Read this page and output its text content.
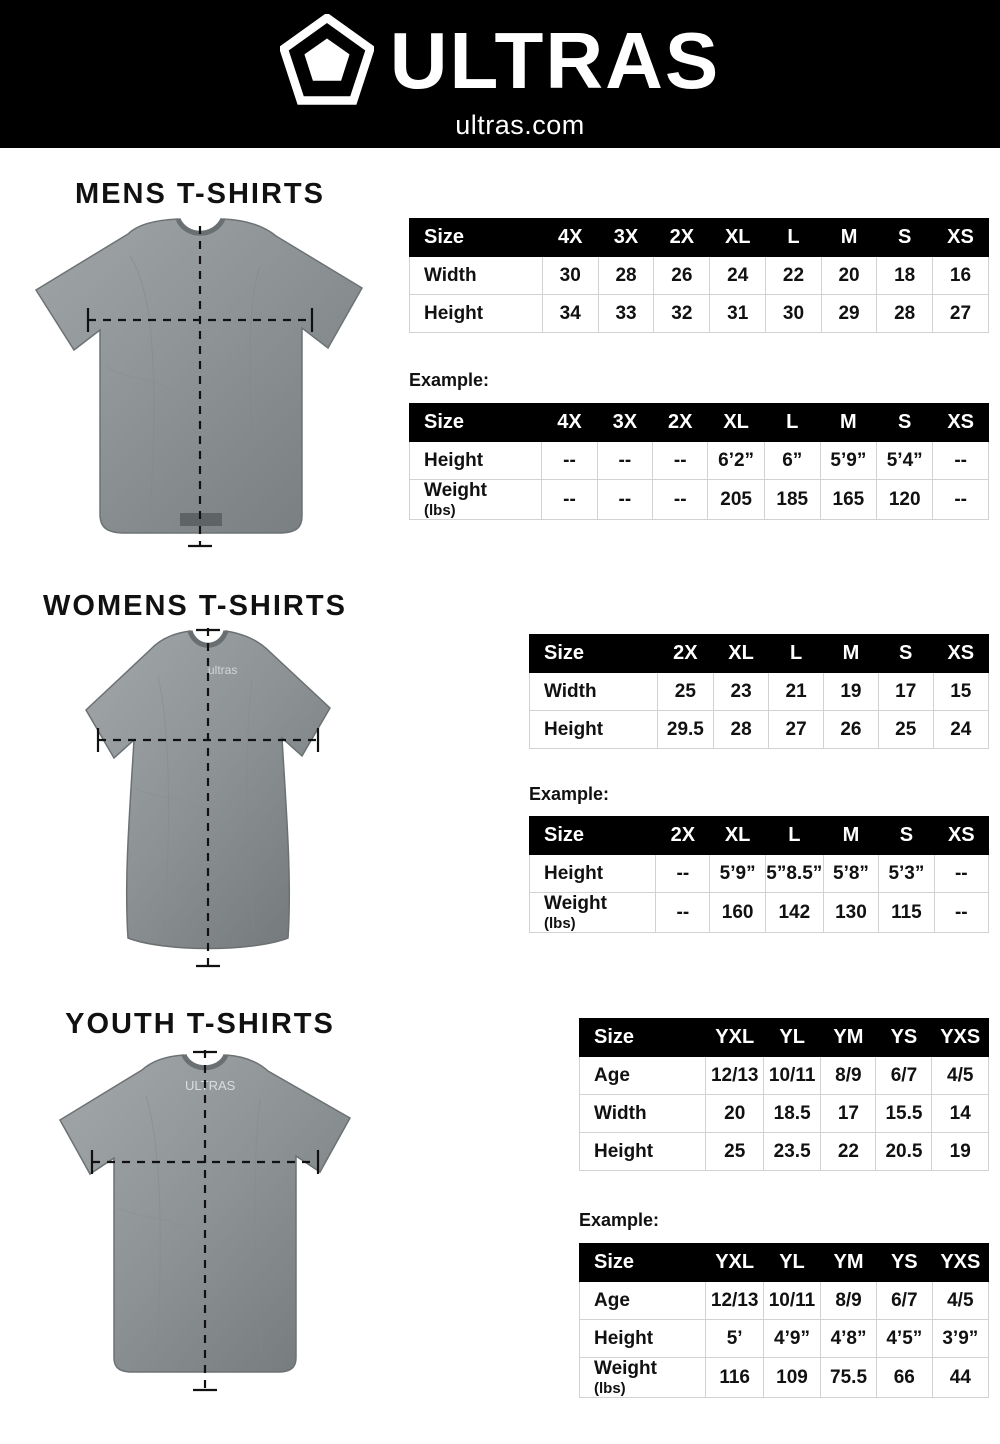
ULTRAS
ultras.com
MENS T-SHIRTS
Size	4X	3X	2X	XL	L	M	S	XS
Width	30	28	26	24	22	20	18	16
Height	34	33	32	31	30	29	28	27
Example:
Size	4X	3X	2X	XL	L	M	S	XS
Height	--	--	--	6’2”	6”	5’9”	5’4”	--
Weight
(lbs)	--	--	--	205	185	165	120	--
WOMENS T-SHIRTS
ultras
Size	2X	XL	L	M	S	XS
Width	25	23	21	19	17	15
Height	29.5	28	27	26	25	24
Example:
Size	2X	XL	L	M	S	XS
Height	--	5’9”	5”8.5”	5’8”	5’3”	--
Weight
(lbs)	--	160	142	130	115	--
YOUTH T-SHIRTS
ULTRAS
Size	YXL	YL	YM	YS	YXS
Age	12/13	10/11	8/9	6/7	4/5
Width	20	18.5	17	15.5	14
Height	25	23.5	22	20.5	19
Example:
Size	YXL	YL	YM	YS	YXS
Age	12/13	10/11	8/9	6/7	4/5
Height	5’	4’9”	4’8”	4’5”	3’9”
Weight
(lbs)	116	109	75.5	66	44
